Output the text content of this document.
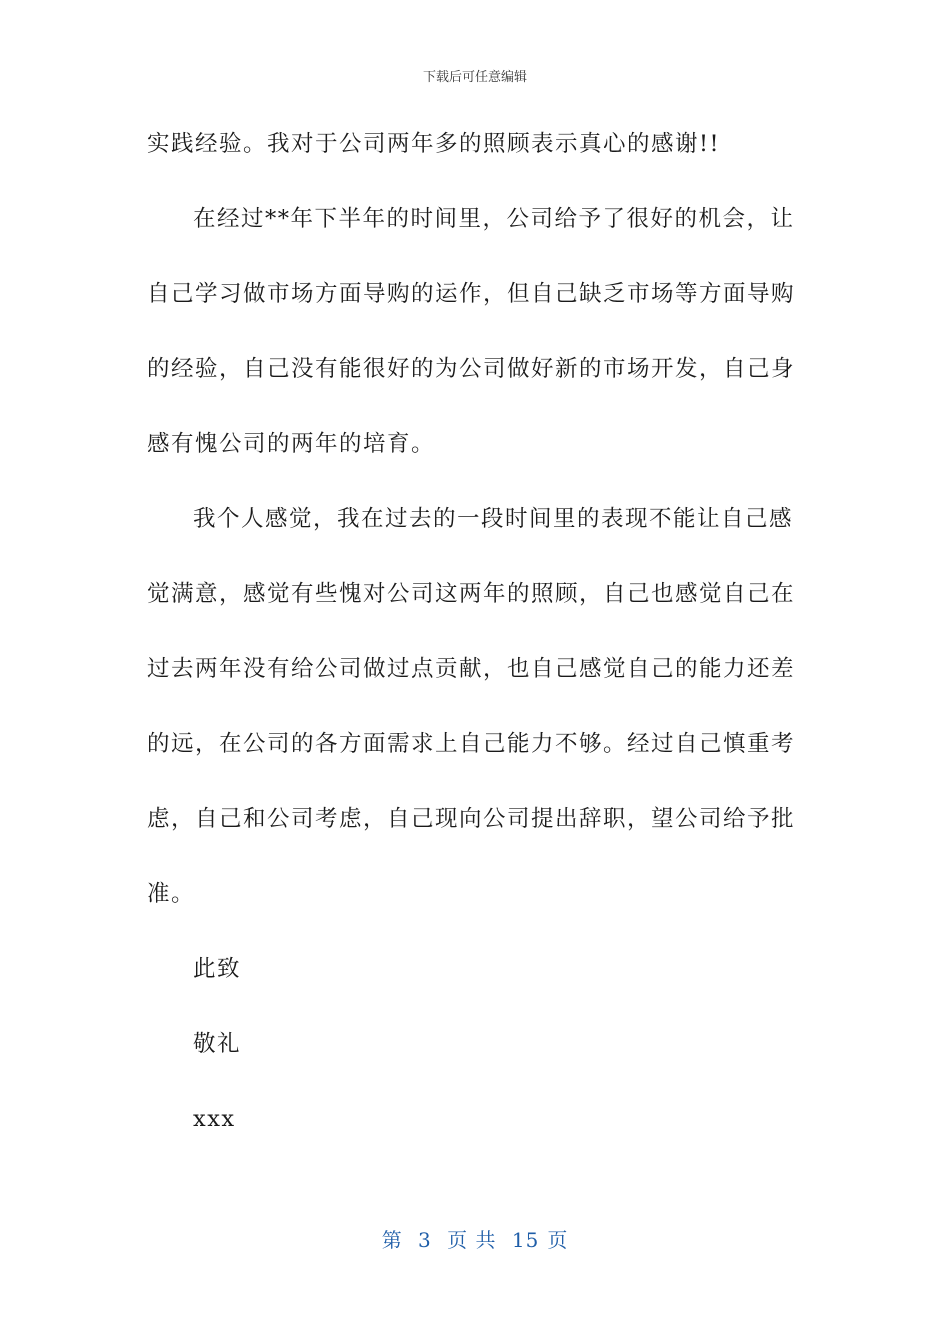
下载后可任意编辑
实践经验。我对于公司两年多的照顾表示真心的感谢!!
在经过**年下半年的时间里，公司给予了很好的机会，让
自己学习做市场方面导购的运作，但自己缺乏市场等方面导购
的经验，自己没有能很好的为公司做好新的市场开发，自己身
感有愧公司的两年的培育。
我个人感觉，我在过去的一段时间里的表现不能让自己感
觉满意，感觉有些愧对公司这两年的照顾，自己也感觉自己在
过去两年没有给公司做过点贡献，也自己感觉自己的能力还差
的远，在公司的各方面需求上自己能力不够。经过自己慎重考
虑，自己和公司考虑，自己现向公司提出辞职，望公司给予批
准。
此致
敬礼
xxx
第 3 页 共 15 页
